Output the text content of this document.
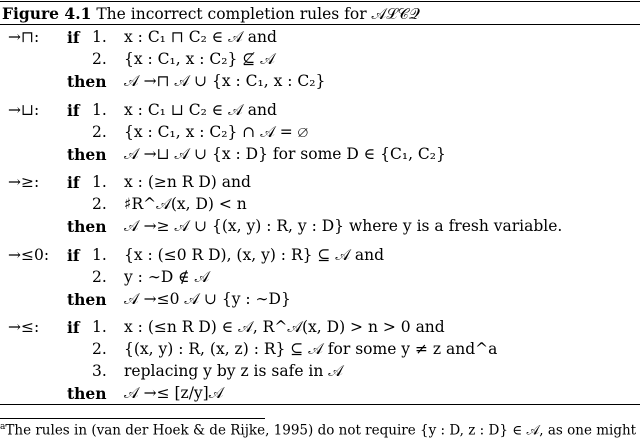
Figure 4.1 The incorrect completion rules for 𝒜ℒ𝒞𝒬
→⊓: if 1. x : C₁ ⊓ C₂ ∈ 𝒜 and
2. {x : C₁, x : C₂} ⊈ 𝒜
then 𝒜 →⊓ 𝒜 ∪ {x : C₁, x : C₂}
→⊔: if 1. x : C₁ ⊔ C₂ ∈ 𝒜 and
2. {x : C₁, x : C₂} ∩ 𝒜 = ∅
then 𝒜 →⊔ 𝒜 ∪ {x : D} for some D ∈ {C₁, C₂}
→≥: if 1. x : (≥n R D) and
2. ♯R^𝒜(x, D) < n
then 𝒜 →≥ 𝒜 ∪ {(x, y) : R, y : D} where y is a fresh variable.
→≤0: if 1. {x : (≤0 R D), (x, y) : R} ⊆ 𝒜 and
2. y : ∼D ∉ 𝒜
then 𝒜 →≤0 𝒜 ∪ {y : ∼D}
→≤: if 1. x : (≤n R D) ∈ 𝒜, R^𝒜(x, D) > n > 0 and
2. {(x, y) : R, (x, z) : R} ⊆ 𝒜 for some y ≠ z and^a
3. replacing y by z is safe in 𝒜
then 𝒜 →≤ [z/y]𝒜
$^a$The rules in (van der Hoek & de Rijke, 1995) do not require {y : D, z : D} ∈ 𝒜, as one might
